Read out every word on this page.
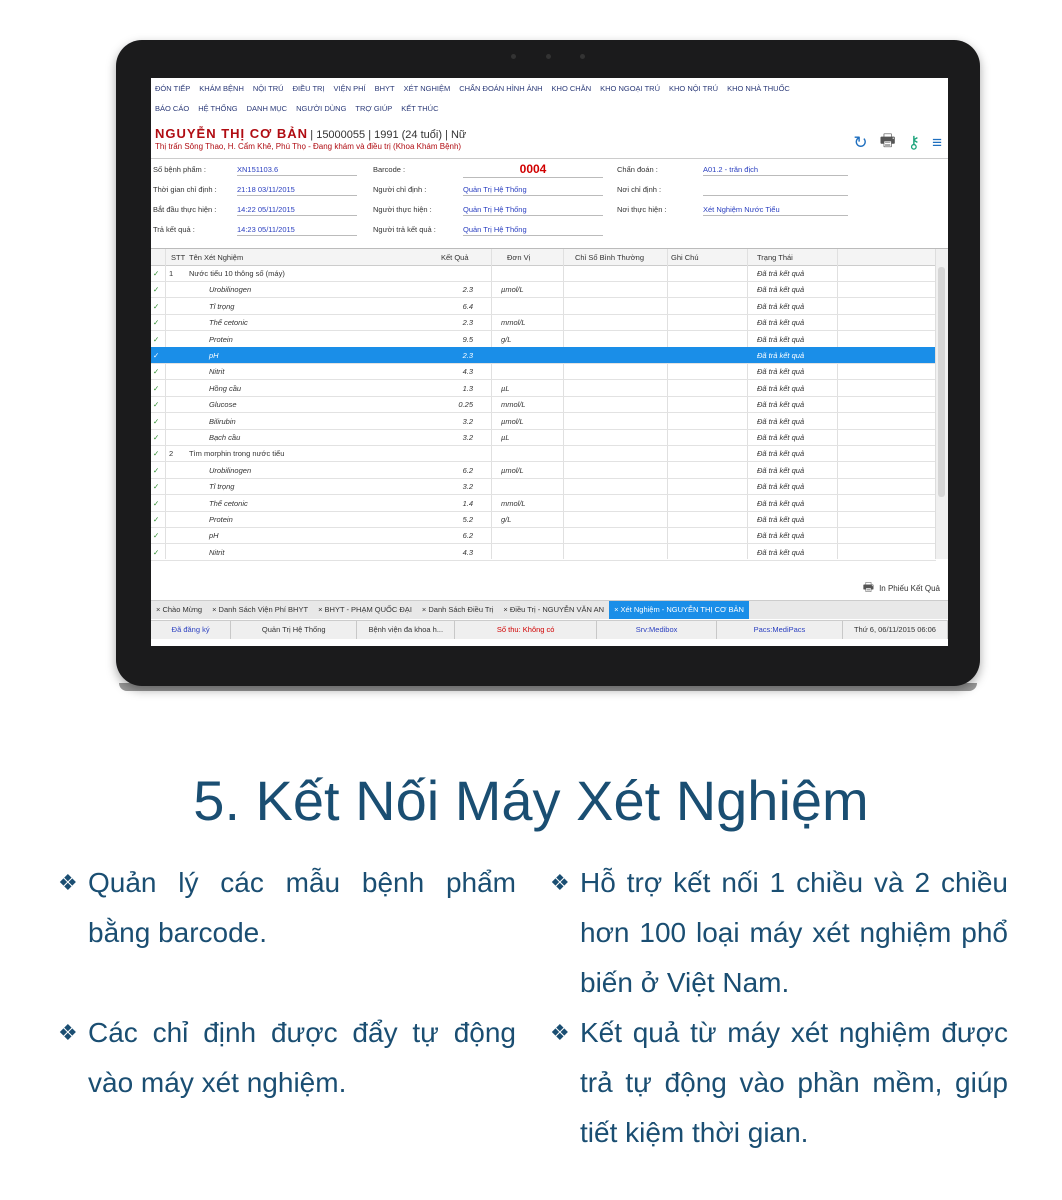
ĐÓN TIẾP KHÁM BỆNH NỘI TRÚ ĐIỀU TRỊ VIỆN PHÍ BHYT XÉT NGHIỆM CHẨN ĐOÁN HÌNH ẢNH KHO CHẴN KHO NGOẠI TRÚ KHO NỘI TRÚ KHO NHÀ THUỐC
BÁO CÁO HỆ THỐNG DANH MỤC NGƯỜI DÙNG TRỢ GIÚP KẾT THÚC
NGUYỄN THỊ CƠ BẢN | 15000055 | 1991 (24 tuổi) | Nữ
Thị trấn Sông Thao, H. Cẩm Khê, Phú Thọ - Đang khám và điều trị (Khoa Khám Bệnh)	↻ 🖶 ⚷ ≡
Số bệnh phẩm :	XN151103.6
Thời gian chỉ định :	21:18 03/11/2015
Bắt đầu thực hiện :	14:22 05/11/2015
Trả kết quả :	14:23 05/11/2015
Barcode :	0004
Người chỉ định :	Quản Trị Hệ Thống
Người thực hiện :	Quản Trị Hệ Thống
Người trả kết quả :	Quản Trị Hệ Thống
Chẩn đoán :	A01.2 - trăn địch
Nơi chỉ định :
Nơi thực hiện :	Xét Nghiệm Nước Tiểu
STT Tên Xét Nghiệm	Kết Quả	Đơn Vị	Chỉ Số Bình Thường	Ghi Chú	Trạng Thái
✓ 1 Nước tiểu 10 thông số (máy)	Đã trả kết quả
✓	Urobilinogen	2.3	µmol/L	Đã trả kết quả
✓	Tỉ trọng	6.4	Đã trả kết quả
✓	Thể cetonic	2.3	mmol/L	Đã trả kết quả
✓	Protein	9.5	g/L	Đã trả kết quả
✓	pH	2.3	Đã trả kết quả
✓	Nitrit	4.3	Đã trả kết quả
✓	Hồng cầu	1.3	µL	Đã trả kết quả
✓	Glucose	0.25	mmol/L	Đã trả kết quả
✓	Bilirubin	3.2	µmol/L	Đã trả kết quả
✓	Bạch cầu	3.2	µL	Đã trả kết quả
✓ 2 Tìm morphin trong nước tiểu	Đã trả kết quả
✓	Urobilinogen	6.2	µmol/L	Đã trả kết quả
✓	Tỉ trọng	3.2	Đã trả kết quả
✓	Thể cetonic	1.4	mmol/L	Đã trả kết quả
✓	Protein	5.2	g/L	Đã trả kết quả
✓	pH	6.2	Đã trả kết quả
✓	Nitrit	4.3	Đã trả kết quả
🖶 In Phiếu Kết Quả
× Chào Mừng	× Danh Sách Viện Phí BHYT	× BHYT - PHẠM QUỐC ĐẠI	× Danh Sách Điều Trị	× Điều Trị - NGUYỄN VĂN AN	× Xét Nghiệm - NGUYỄN THỊ CƠ BẢN
Đã đăng ký	Quản Trị Hệ Thống	Bệnh viện đa khoa h...	Số thu: Không có	Srv:Medibox	Pacs:MediPacs	Thứ 6, 06/11/2015 06:06
5. Kết Nối Máy Xét Nghiệm
❖ Quản lý các mẫu bệnh phẩm bằng barcode.
❖ Hỗ trợ kết nối 1 chiều và 2 chiều hơn 100 loại máy xét nghiệm phổ biến ở Việt Nam.
❖ Các chỉ định được đẩy tự động vào máy xét nghiệm.
❖ Kết quả từ máy xét nghiệm được trả tự động vào phần mềm, giúp tiết kiệm thời gian.
